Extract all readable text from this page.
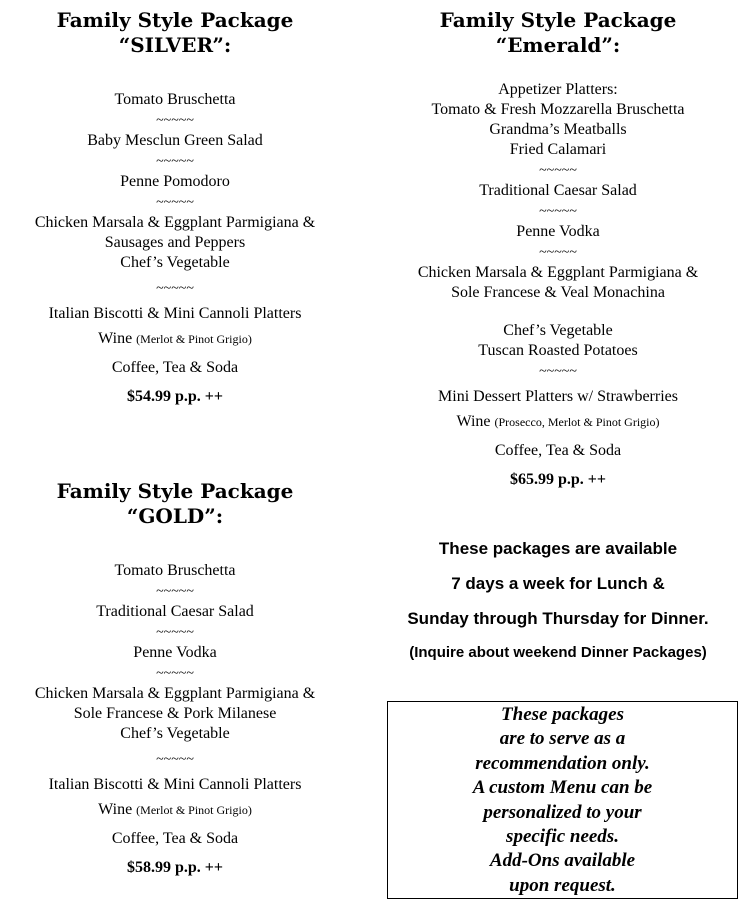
Family Style Package

“SILVER”:

Tomato Bruschetta

~~~~~

Baby Mesclun Green Salad

~~~~~

Penne Pomodoro

~~~~~

Chicken Marsala & Eggplant Parmigiana &

Sausages and Peppers

Chef’s Vegetable

~~~~~

Italian Biscotti & Mini Cannoli Platters

Wine (Merlot & Pinot Grigio)

Coffee, Tea & Soda

$54.99 p.p. ++

Family Style Package

“GOLD”:

Tomato Bruschetta

~~~~~

Traditional Caesar Salad

~~~~~

Penne Vodka

~~~~~

Chicken Marsala & Eggplant Parmigiana &

Sole Francese & Pork Milanese

Chef’s Vegetable

~~~~~

Italian Biscotti & Mini Cannoli Platters

Wine (Merlot & Pinot Grigio)

Coffee, Tea & Soda

$58.99 p.p. ++

Family Style Package

“Emerald”:

Appetizer Platters:

Tomato & Fresh Mozzarella Bruschetta

Grandma’s Meatballs

Fried Calamari

~~~~~

Traditional Caesar Salad

~~~~~

Penne Vodka

~~~~~

Chicken Marsala & Eggplant Parmigiana &

Sole Francese & Veal Monachina

Chef’s Vegetable

Tuscan Roasted Potatoes

~~~~~

Mini Dessert Platters w/ Strawberries

Wine (Prosecco, Merlot & Pinot Grigio)

Coffee, Tea & Soda

$65.99 p.p. ++

These packages are available

7 days a week for Lunch &

Sunday through Thursday for Dinner.

(Inquire about weekend Dinner Packages)

These packages

are to serve as a

recommendation only.

A custom Menu can be

personalized to your

specific needs.

Add-Ons available

upon request.
